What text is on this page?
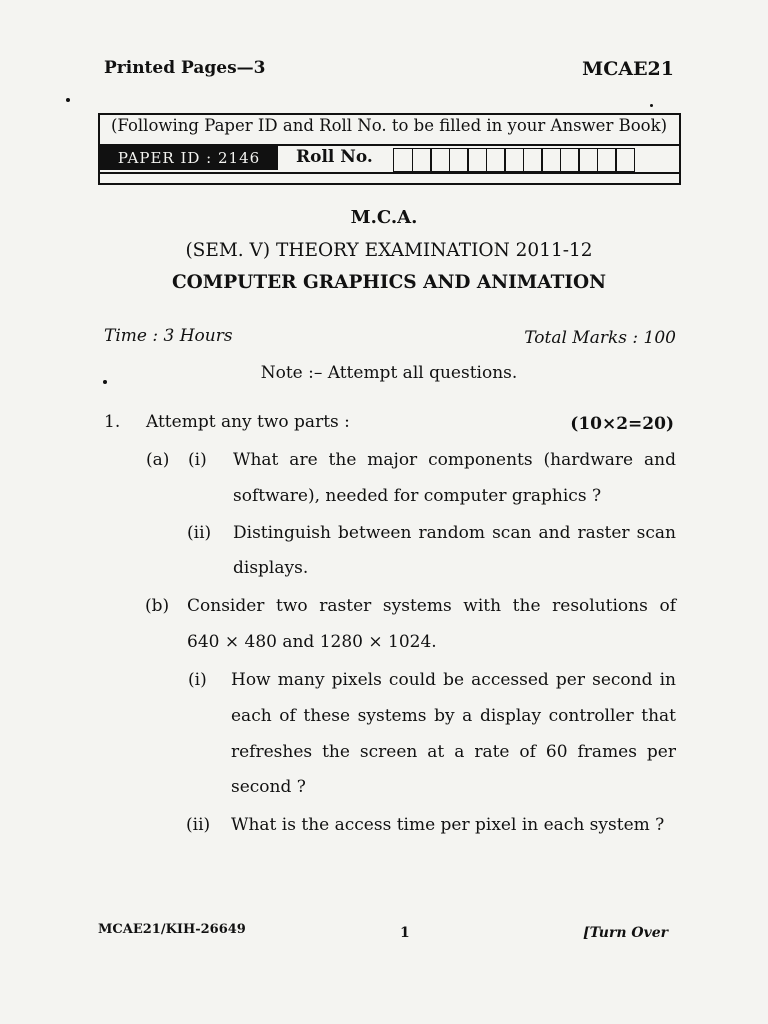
Printed Pages—3	MCAE21
(Following Paper ID and Roll No. to be filled in your Answer Book)
PAPER ID : 2146	Roll No.
M.C.A.
(SEM. V) THEORY EXAMINATION 2011-12
COMPUTER GRAPHICS AND ANIMATION
Time : 3 Hours	Total Marks : 100
Note :– Attempt all questions.
1. Attempt any two parts :	(10×2=20)
(a) (i) What are the major components (hardware and
software), needed for computer graphics ?
(ii) Distinguish between random scan and raster scan
displays.
(b) Consider two raster systems with the resolutions of
640 × 480 and 1280 × 1024.
(i) How many pixels could be accessed per second in
each of these systems by a display controller that
refreshes the screen at a rate of 60 frames per
second ?
(ii) What is the access time per pixel in each system ?
MCAE21/KIH-26649	1	[Turn Over
